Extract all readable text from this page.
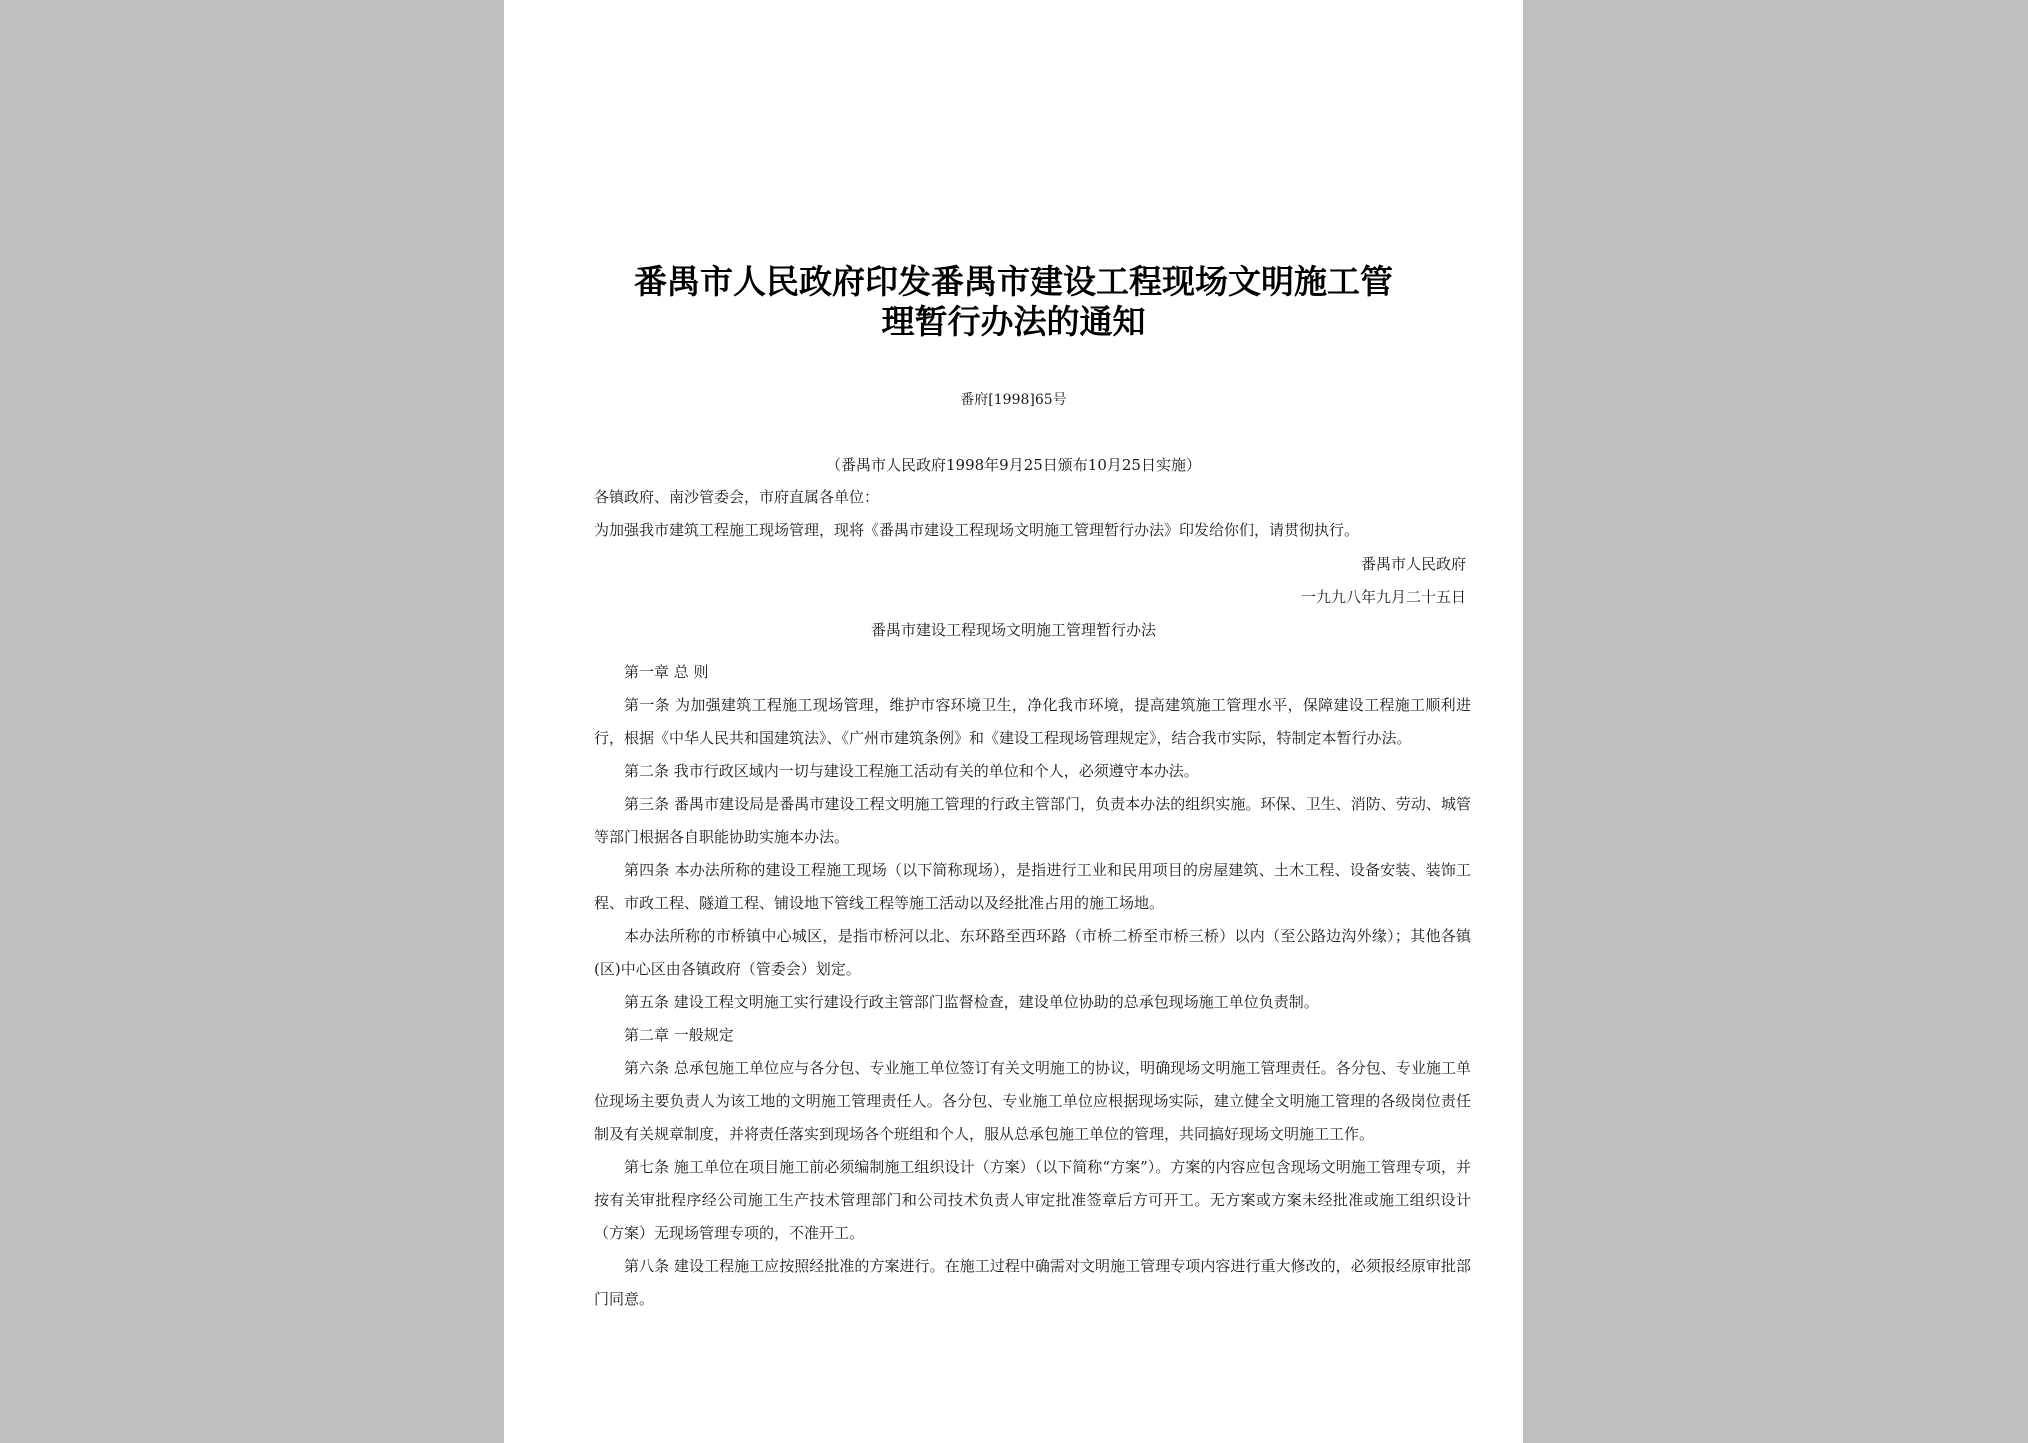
番禺市人民政府印发番禺市建设工程现场文明施工管
理暂行办法的通知
番府[1998]65号
（番禺市人民政府1998年9月25日颁布10月25日实施）
各镇政府、南沙管委会，市府直属各单位：
为加强我市建筑工程施工现场管理，现将《番禺市建设工程现场文明施工管理暂行办法》印发给你们，请贯彻执行。
番禺市人民政府
一九九八年九月二十五日
番禺市建设工程现场文明施工管理暂行办法

第一章 总 则

第一条 为加强建筑工程施工现场管理，维护市容环境卫生，净化我市环境，提高建筑施工管理水平，保障建设工程施工顺利进行，根据《中华人民共和国建筑法》、《广州市建筑条例》和《建设工程现场管理规定》，结合我市实际，特制定本暂行办法。

第二条 我市行政区域内一切与建设工程施工活动有关的单位和个人，必须遵守本办法。

第三条 番禺市建设局是番禺市建设工程文明施工管理的行政主管部门，负责本办法的组织实施。环保、卫生、消防、劳动、城管等部门根据各自职能协助实施本办法。

第四条 本办法所称的建设工程施工现场（以下简称现场），是指进行工业和民用项目的房屋建筑、土木工程、设备安装、装饰工程、市政工程、隧道工程、铺设地下管线工程等施工活动以及经批准占用的施工场地。

本办法所称的市桥镇中心城区，是指市桥河以北、东环路至西环路（市桥二桥至市桥三桥）以内（至公路边沟外缘）；其他各镇(区)中心区由各镇政府（管委会）划定。

第五条 建设工程文明施工实行建设行政主管部门监督检查，建设单位协助的总承包现场施工单位负责制。

第二章 一般规定

第六条 总承包施工单位应与各分包、专业施工单位签订有关文明施工的协议，明确现场文明施工管理责任。各分包、专业施工单位现场主要负责人为该工地的文明施工管理责任人。各分包、专业施工单位应根据现场实际，建立健全文明施工管理的各级岗位责任制及有关规章制度，并将责任落实到现场各个班组和个人，服从总承包施工单位的管理，共同搞好现场文明施工工作。

第七条 施工单位在项目施工前必须编制施工组织设计（方案）（以下简称“方案”）。方案的内容应包含现场文明施工管理专项，并按有关审批程序经公司施工生产技术管理部门和公司技术负责人审定批准签章后方可开工。无方案或方案未经批准或施工组织设计（方案）无现场管理专项的，不准开工。

第八条 建设工程施工应按照经批准的方案进行。在施工过程中确需对文明施工管理专项内容进行重大修改的，必须报经原审批部门同意。
